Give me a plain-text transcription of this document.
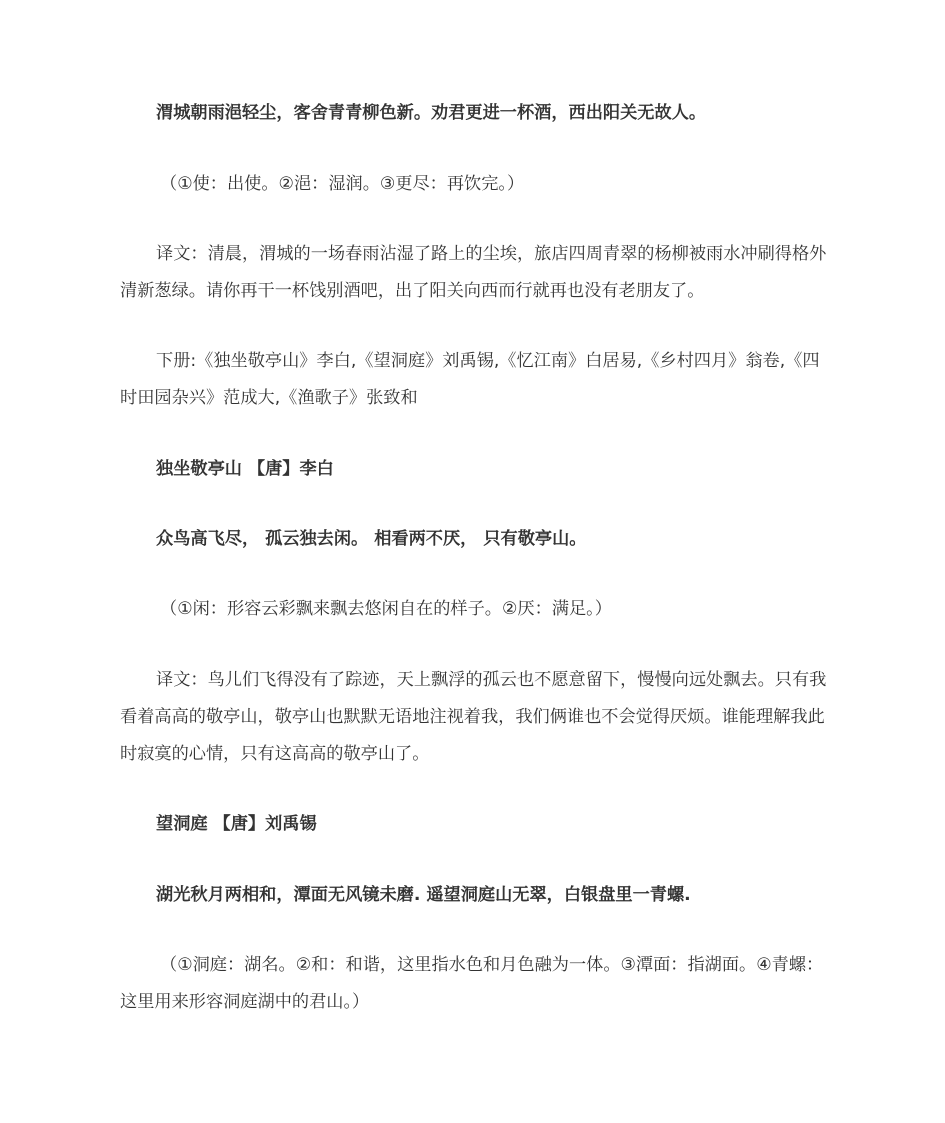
渭城朝雨浥轻尘，客舍青青柳色新。劝君更进一杯酒，西出阳关无故人。

（①使：出使。②浥：湿润。③更尽：再饮完。）

译文：清晨，渭城的一场春雨沾湿了路上的尘埃，旅店四周青翠的杨柳被雨水冲刷得格外清新葱绿。请你再干一杯饯别酒吧，出了阳关向西而行就再也没有老朋友了。

下册:《独坐敬亭山》李白,《望洞庭》刘禹锡,《忆江南》白居易,《乡村四月》翁卷,《四时田园杂兴》范成大,《渔歌子》张致和

独坐敬亭山 【唐】李白

众鸟高飞尽， 孤云独去闲。 相看两不厌， 只有敬亭山。

（①闲：形容云彩飘来飘去悠闲自在的样子。②厌：满足。）

译文：鸟儿们飞得没有了踪迹，天上飘浮的孤云也不愿意留下，慢慢向远处飘去。只有我看着高高的敬亭山，敬亭山也默默无语地注视着我，我们俩谁也不会觉得厌烦。谁能理解我此时寂寞的心情，只有这高高的敬亭山了。

望洞庭 【唐】刘禹锡

湖光秋月两相和，潭面无风镜未磨. 遥望洞庭山无翠，白银盘里一青螺.

（①洞庭：湖名。②和：和谐，这里指水色和月色融为一体。③潭面：指湖面。④青螺：这里用来形容洞庭湖中的君山。）
